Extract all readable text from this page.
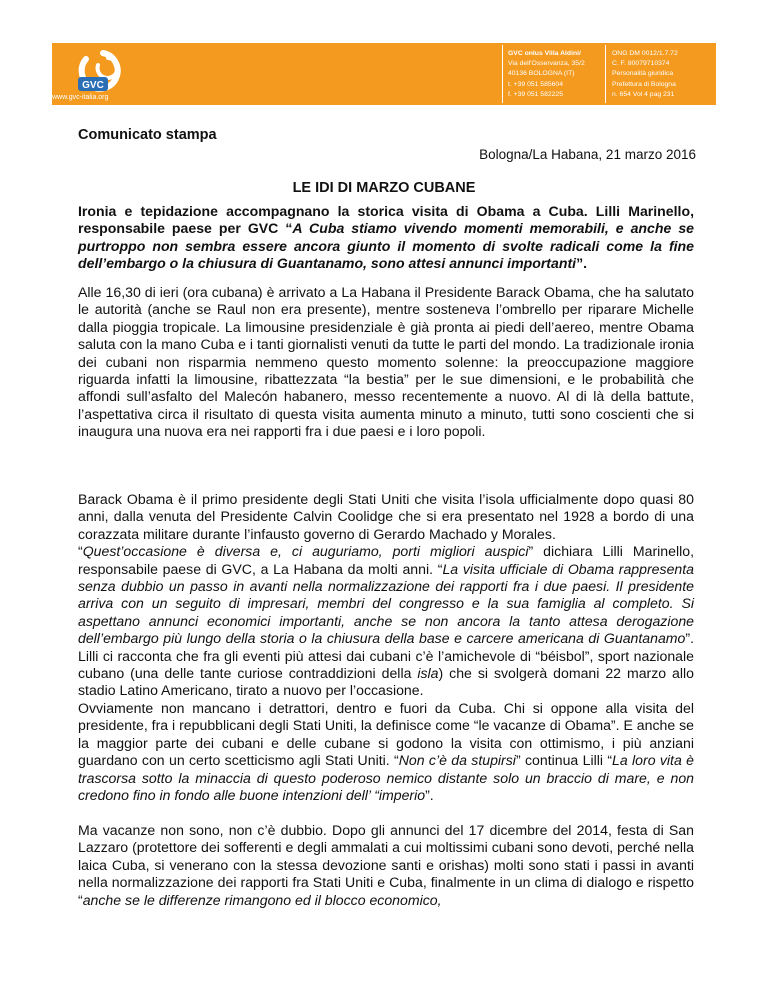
GVC
www.gvc-italia.org
GVC onlus Villa Aldini/
Via dell'Osservanza, 35/2
40136 BOLOGNA (IT)
t. +39 051 585604
f. +39 051 582225
ONG DM 0012/1.7.72
C. F. 80079710374
Personalità giuridica
Prefettura di Bologna
n. 654 Vol 4 pag 231
Comunicato stampa
Bologna/La Habana, 21 marzo 2016
LE IDI DI MARZO CUBANE
Ironia e tepidazione accompagnano la storica visita di Obama a Cuba. Lilli Marinello, responsabile paese per GVC “A Cuba stiamo vivendo momenti memorabili, e anche se purtroppo non sembra essere ancora giunto il momento di svolte radicali come la fine dell’embargo o la chiusura di Guantanamo, sono attesi annunci importanti”.

Alle 16,30 di ieri (ora cubana) è arrivato a La Habana il Presidente Barack Obama, che ha salutato le autorità (anche se Raul non era presente), mentre sosteneva l’ombrello per riparare Michelle dalla pioggia tropicale. La limousine presidenziale è già pronta ai piedi dell’aereo, mentre Obama saluta con la mano Cuba e i tanti giornalisti venuti da tutte le parti del mondo. La tradizionale ironia dei cubani non risparmia nemmeno questo momento solenne: la preoccupazione maggiore riguarda infatti la limousine, ribattezzata “la bestia” per le sue dimensioni, e le probabilità che affondi sull’asfalto del Malecón habanero, messo recentemente a nuovo. Al di là della battute, l’aspettativa circa il risultato di questa visita aumenta minuto a minuto, tutti sono coscienti che si inaugura una nuova era nei rapporti fra i due paesi e i loro popoli.

Barack Obama è il primo presidente degli Stati Uniti che visita l’isola ufficialmente dopo quasi 80 anni, dalla venuta del Presidente Calvin Coolidge che si era presentato nel 1928 a bordo di una corazzata militare durante l’infausto governo di Gerardo Machado y Morales.
“Quest’occasione è diversa e, ci auguriamo, porti migliori auspici” dichiara Lilli Marinello, responsabile paese di GVC, a La Habana da molti anni. “La visita ufficiale di Obama rappresenta senza dubbio un passo in avanti nella normalizzazione dei rapporti fra i due paesi. Il presidente arriva con un seguito di impresari, membri del congresso e la sua famiglia al completo. Si aspettano annunci economici importanti, anche se non ancora la tanto attesa derogazione dell’embargo più lungo della storia o la chiusura della base e carcere americana di Guantanamo”. Lilli ci racconta che fra gli eventi più attesi dai cubani c’è l’amichevole di “béisbol”, sport nazionale cubano (una delle tante curiose contraddizioni della isla) che si svolgerà domani 22 marzo allo stadio Latino Americano, tirato a nuovo per l’occasione.
Ovviamente non mancano i detrattori, dentro e fuori da Cuba. Chi si oppone alla visita del presidente, fra i repubblicani degli Stati Uniti, la definisce come “le vacanze di Obama”. E anche se la maggior parte dei cubani e delle cubane si godono la visita con ottimismo, i più anziani guardano con un certo scetticismo agli Stati Uniti. “Non c’è da stupirsi” continua Lilli “La loro vita è trascorsa sotto la minaccia di questo poderoso nemico distante solo un braccio di mare, e non credono fino in fondo alle buone intenzioni dell’ “imperio”.

Ma vacanze non sono, non c’è dubbio. Dopo gli annunci del 17 dicembre del 2014, festa di San Lazzaro (protettore dei sofferenti e degli ammalati a cui moltissimi cubani sono devoti, perché nella laica Cuba, si venerano con la stessa devozione santi e orishas) molti sono stati i passi in avanti nella normalizzazione dei rapporti fra Stati Uniti e Cuba, finalmente in un clima di dialogo e rispetto “anche se le differenze rimangono ed il blocco economico,
